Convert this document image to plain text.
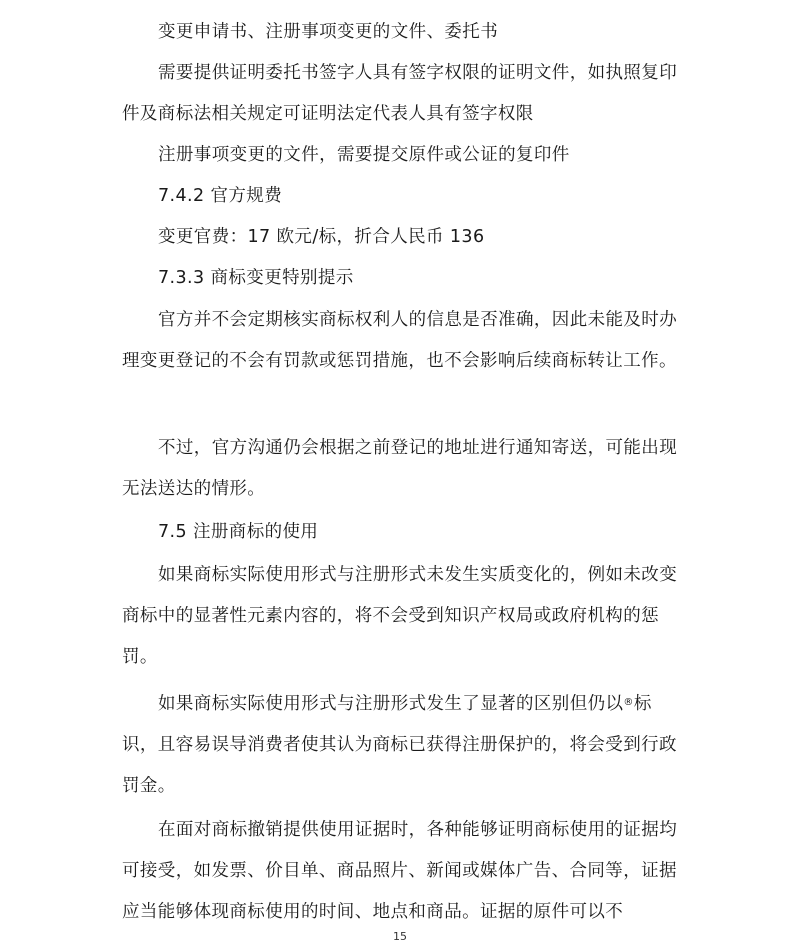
变更申请书、注册事项变更的文件、委托书

需要提供证明委托书签字人具有签字权限的证明文件，如执照复印件及商标法相关规定可证明法定代表人具有签字权限

注册事项变更的文件，需要提交原件或公证的复印件

7.4.2 官方规费

变更官费：17 欧元/标，折合人民币 136

7.3.3 商标变更特别提示

官方并不会定期核实商标权利人的信息是否准确，因此未能及时办理变更登记的不会有罚款或惩罚措施，也不会影响后续商标转让工作。

不过，官方沟通仍会根据之前登记的地址进行通知寄送，可能出现无法送达的情形。

7.5 注册商标的使用

如果商标实际使用形式与注册形式未发生实质变化的，例如未改变商标中的显著性元素内容的，将不会受到知识产权局或政府机构的惩罚。

如果商标实际使用形式与注册形式发生了显著的区别但仍以®标识，且容易误导消费者使其认为商标已获得注册保护的，将会受到行政罚金。

在面对商标撤销提供使用证据时，各种能够证明商标使用的证据均可接受，如发票、价目单、商品照片、新闻或媒体广告、合同等，证据应当能够体现商标使用的时间、地点和商品。证据的原件可以不

15
